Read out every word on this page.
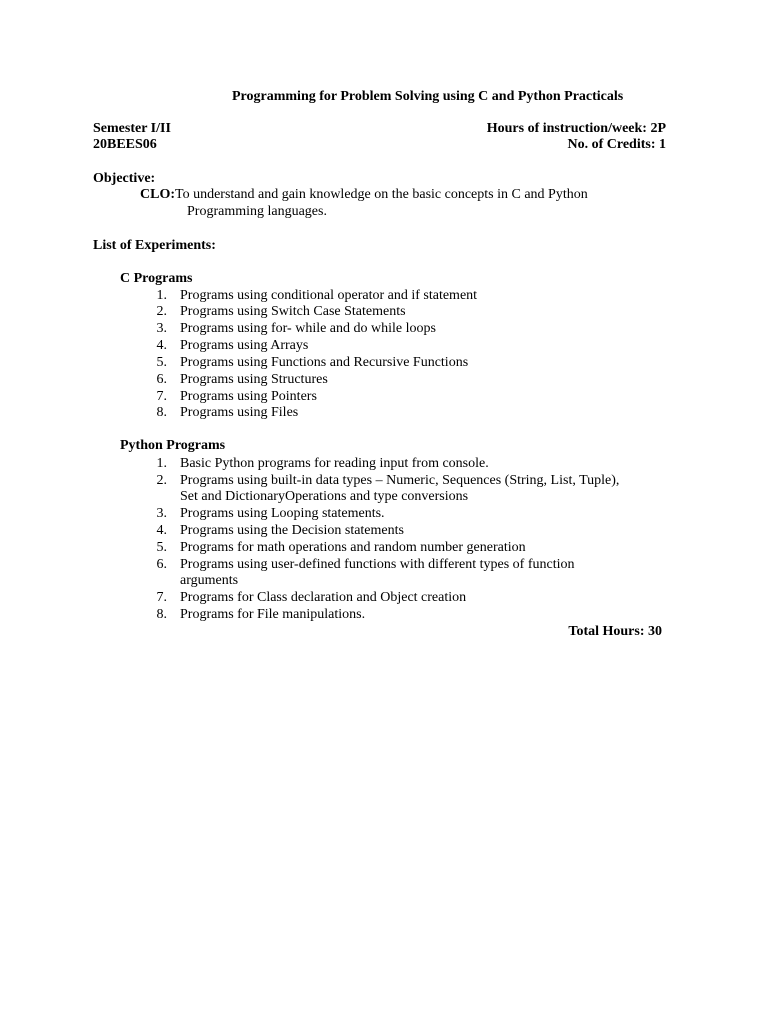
Programming for Problem Solving using C and Python Practicals
Semester I/II	Hours of instruction/week: 2P
20BEES06	No. of Credits: 1
Objective:
CLO:To understand and gain knowledge on the basic concepts in C and Python
Programming languages.
List of Experiments:
C Programs
1. Programs using conditional operator and if statement
2. Programs using Switch Case Statements
3. Programs using for- while and do while loops
4. Programs using Arrays
5. Programs using Functions and Recursive Functions
6. Programs using Structures
7. Programs using Pointers
8. Programs using Files
Python Programs
1. Basic Python programs for reading input from console.
2. Programs using built-in data types – Numeric, Sequences (String, List, Tuple),
Set and DictionaryOperations and type conversions
3. Programs using Looping statements.
4. Programs using the Decision statements
5. Programs for math operations and random number generation
6. Programs using user-defined functions with different types of function
arguments
7. Programs for Class declaration and Object creation
8. Programs for File manipulations.
Total Hours: 30
